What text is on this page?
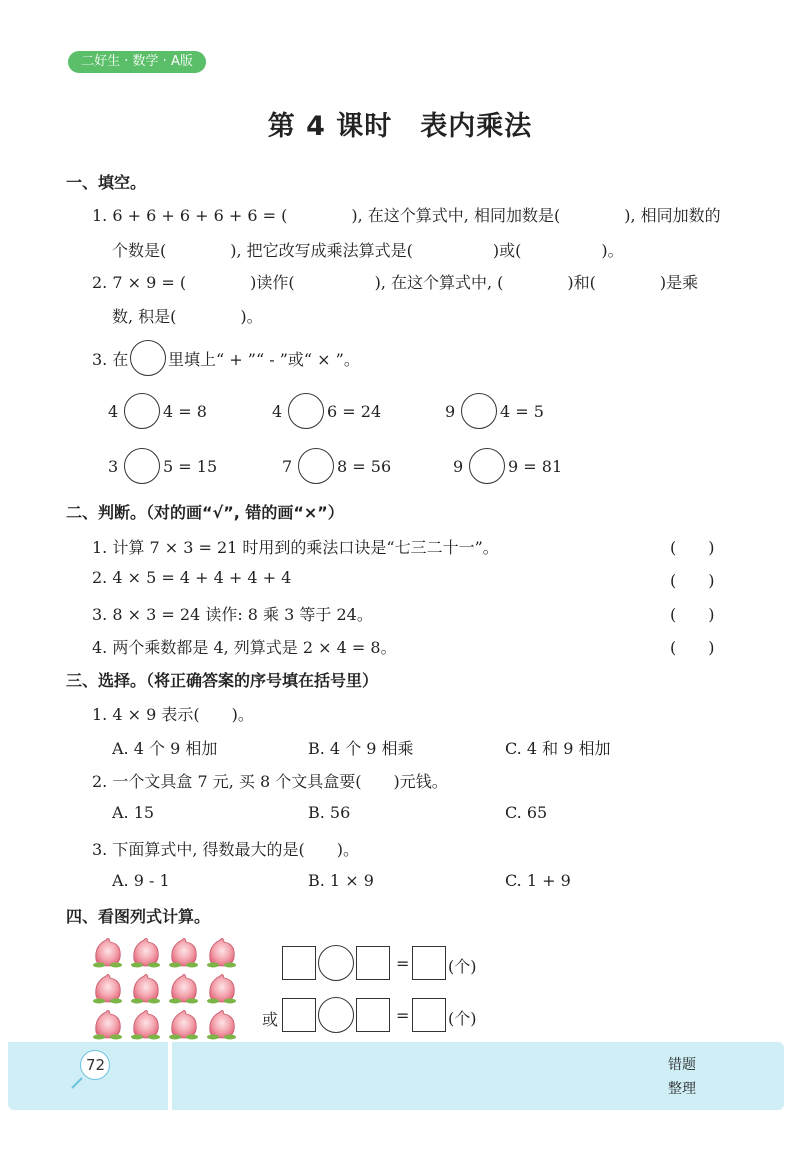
二好生 · 数学 · A版
第 4 课时　表内乘法
一、填空。
1. 6 + 6 + 6 + 6 + 6 = (　　　　), 在这个算式中, 相同加数是(　　　　), 相同加数的
个数是(　　　　), 把它改写成乘法算式是(　　　　　)或(　　　　　)。
2. 7 × 9 = (　　　　)读作(　　　　　), 在这个算式中, (　　　　)和(　　　　)是乘
数, 积是(　　　　)。
3. 在 里填上“ + ”“ - ”或“ × ”。
4	4 = 8	4	6 = 24	9	4 = 5
3	5 = 15	7	8 = 56	9	9 = 81
二、判断。（对的画“√”, 错的画“×”）
1. 计算 7 × 3 = 21 时用到的乘法口诀是“七三二十一”。	(　　)
2. 4 × 5 = 4 + 4 + 4 + 4	(　　)
3. 8 × 3 = 24 读作: 8 乘 3 等于 24。	(　　)
4. 两个乘数都是 4, 列算式是 2 × 4 = 8。	(　　)
三、选择。（将正确答案的序号填在括号里）
1. 4 × 9 表示(　　)。
A. 4 个 9 相加	B. 4 个 9 相乘	C. 4 和 9 相加
2. 一个文具盒 7 元, 买 8 个文具盒要(　　)元钱。
A. 15	B. 56	C. 65
3. 下面算式中, 得数最大的是(　　)。
A. 9 - 1	B. 1 × 9	C. 1 + 9
四、看图列式计算。
= (个)
或	= (个)
72	错题
整理
